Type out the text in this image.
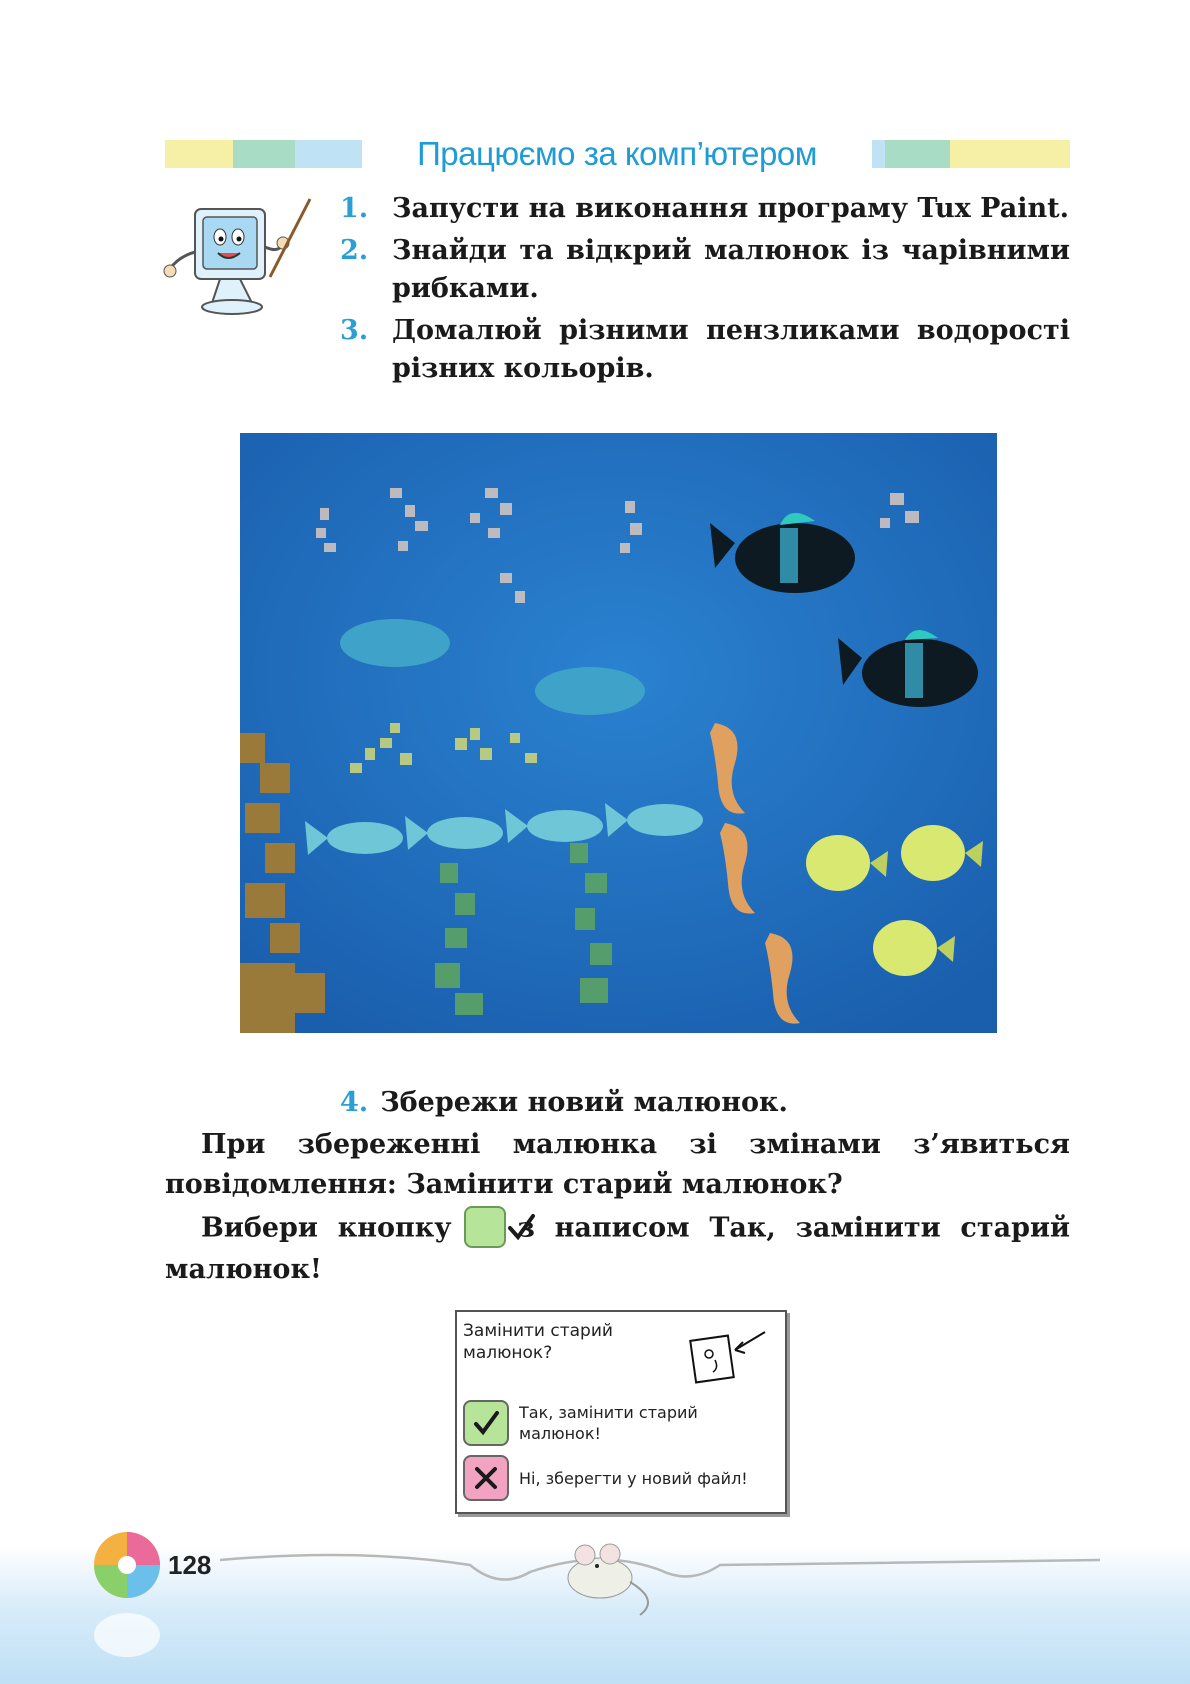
Працюємо за комп’ютером
1. Запусти на виконання програму Tux Paint.
2. Знайди та відкрий малюнок із чарівними рибками.
3. Домалюй різними пензликами водорості різних кольорів.
4. Збережи новий малюнок.
При збереженні малюнка зі змінами з’явиться повідомлення: Замінити старий малюнок?
Вибери кнопку з написом Так, замінити старий малюнок!
Замінити старий малюнок?
Так, замінити старий малюнок!
Ні, зберегти у новий файл!
128
